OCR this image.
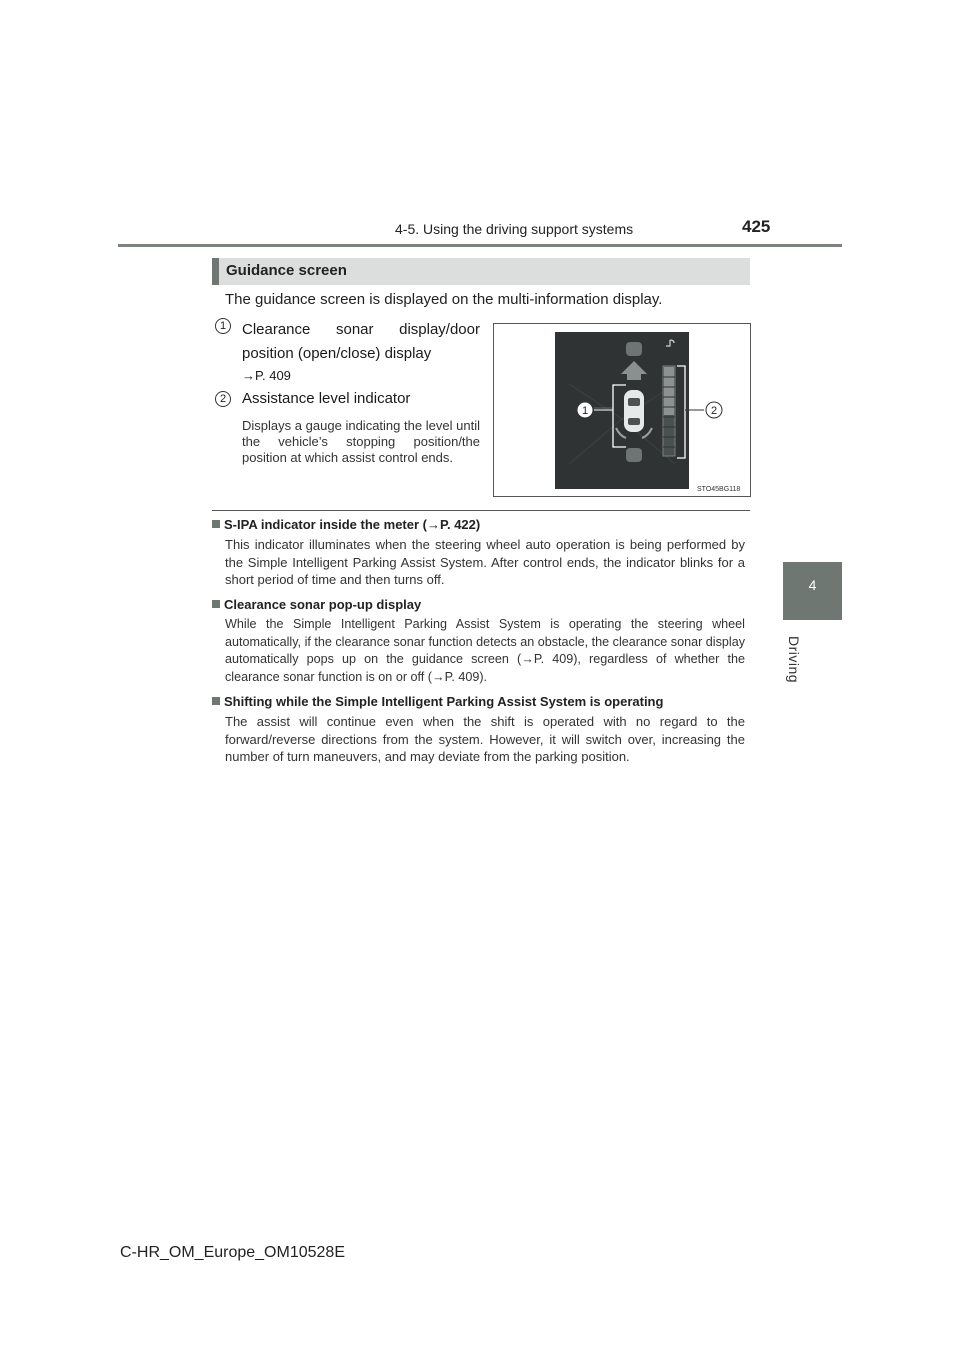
4-5. Using the driving support systems	425
4
Driving
Guidance screen
The guidance screen is displayed on the multi-information display.
1	Clearance sonar display/door position (open/close) display
→P. 409
2	Assistance level indicator
Displays a gauge indicating the level until the vehicle’s stopping position/the position at which assist control ends.
1	2
STO45BG118
S-IPA indicator inside the meter (→P. 422)
This indicator illuminates when the steering wheel auto operation is being performed by the Simple Intelligent Parking Assist System. After control ends, the indicator blinks for a short period of time and then turns off.
Clearance sonar pop-up display
While the Simple Intelligent Parking Assist System is operating the steering wheel automatically, if the clearance sonar function detects an obstacle, the clearance sonar display automatically pops up on the guidance screen (→P. 409), regardless of whether the clearance sonar function is on or off (→P. 409).
Shifting while the Simple Intelligent Parking Assist System is operating
The assist will continue even when the shift is operated with no regard to the forward/reverse directions from the system. However, it will switch over, increasing the number of turn maneuvers, and may deviate from the parking position.
C-HR_OM_Europe_OM10528E
